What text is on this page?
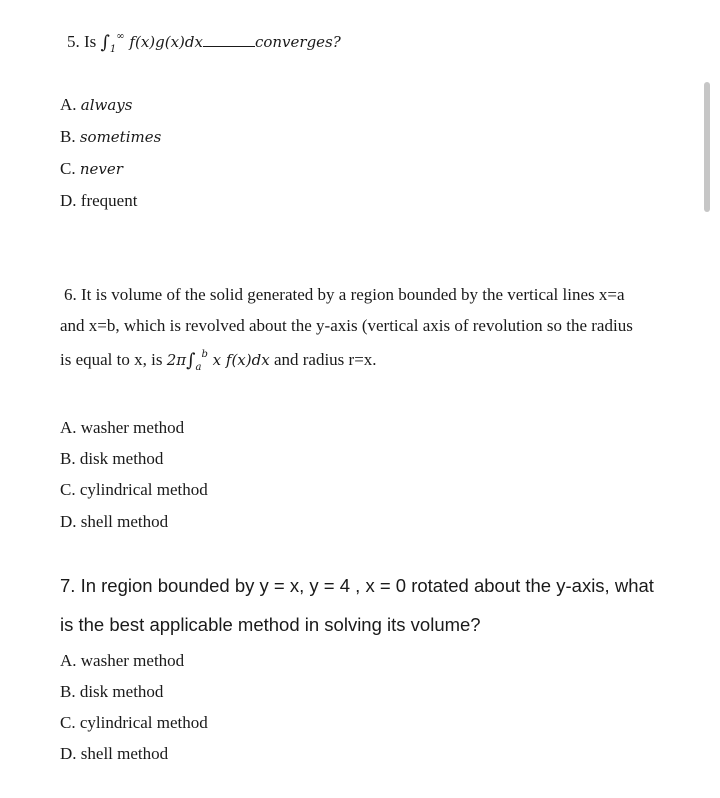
5. Is $\int_1^\infty$ f(x)g(x)dx	converges?
A. always
B. sometimes
C. never
D. frequent
6. It is volume of the solid generated by a region bounded by the vertical lines x=a
and x=b, which is revolved about the y-axis (vertical axis of revolution so the radius
is equal to x, is $2\pi\int_a^b$ x f(x)dx and radius r=x.
A. washer method
B. disk method
C. cylindrical method
D. shell method
7. In region bounded by y = x, y = 4 , x = 0 rotated about the y-axis, what
is the best applicable method in solving its volume?
A. washer method
B. disk method
C. cylindrical method
D. shell method
